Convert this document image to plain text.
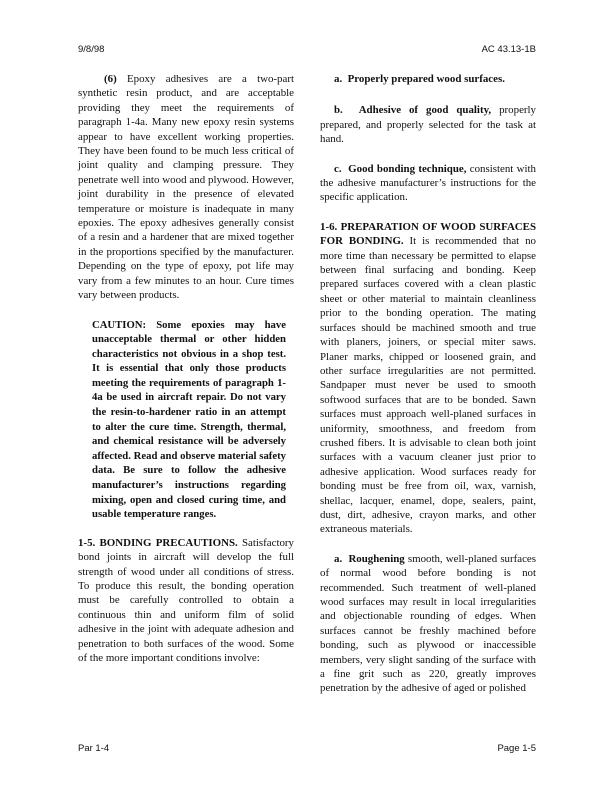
9/8/98	AC 43.13-1B

(6) Epoxy adhesives are a two-part synthetic resin product, and are acceptable providing they meet the requirements of paragraph 1-4a. Many new epoxy resin systems appear to have excellent working properties. They have been found to be much less critical of joint quality and clamping pressure. They penetrate well into wood and plywood. However, joint durability in the presence of elevated temperature or moisture is inadequate in many epoxies. The epoxy adhesives generally consist of a resin and a hardener that are mixed together in the proportions specified by the manufacturer. Depending on the type of epoxy, pot life may vary from a few minutes to an hour. Cure times vary between products.

CAUTION: Some epoxies may have unacceptable thermal or other hidden characteristics not obvious in a shop test. It is essential that only those products meeting the requirements of paragraph 1-4a be used in aircraft repair. Do not vary the resin-to-hardener ratio in an attempt to alter the cure time. Strength, thermal, and chemical resistance will be adversely affected. Read and observe material safety data. Be sure to follow the adhesive manufacturer’s instructions regarding mixing, open and closed curing time, and usable temperature ranges.

1-5. BONDING PRECAUTIONS. Satisfactory bond joints in aircraft will develop the full strength of wood under all conditions of stress. To produce this result, the bonding operation must be carefully controlled to obtain a continuous thin and uniform film of solid adhesive in the joint with adequate adhesion and penetration to both surfaces of the wood. Some of the more important conditions involve:

a. Properly prepared wood surfaces.

b. Adhesive of good quality, properly prepared, and properly selected for the task at hand.

c. Good bonding technique, consistent with the adhesive manufacturer’s instructions for the specific application.

1-6. PREPARATION OF WOOD SURFACES FOR BONDING. It is recommended that no more time than necessary be permitted to elapse between final surfacing and bonding. Keep prepared surfaces covered with a clean plastic sheet or other material to maintain cleanliness prior to the bonding operation. The mating surfaces should be machined smooth and true with planers, joiners, or special miter saws. Planer marks, chipped or loosened grain, and other surface irregularities are not permitted. Sandpaper must never be used to smooth softwood surfaces that are to be bonded. Sawn surfaces must approach well-planed surfaces in uniformity, smoothness, and freedom from crushed fibers. It is advisable to clean both joint surfaces with a vacuum cleaner just prior to adhesive application. Wood surfaces ready for bonding must be free from oil, wax, varnish, shellac, lacquer, enamel, dope, sealers, paint, dust, dirt, adhesive, crayon marks, and other extraneous materials.

a. Roughening smooth, well-planed surfaces of normal wood before bonding is not recommended. Such treatment of well-planed wood surfaces may result in local irregularities and objectionable rounding of edges. When surfaces cannot be freshly machined before bonding, such as plywood or inaccessible members, very slight sanding of the surface with a fine grit such as 220, greatly improves penetration by the adhesive of aged or polished

Par 1-4	Page 1-5
